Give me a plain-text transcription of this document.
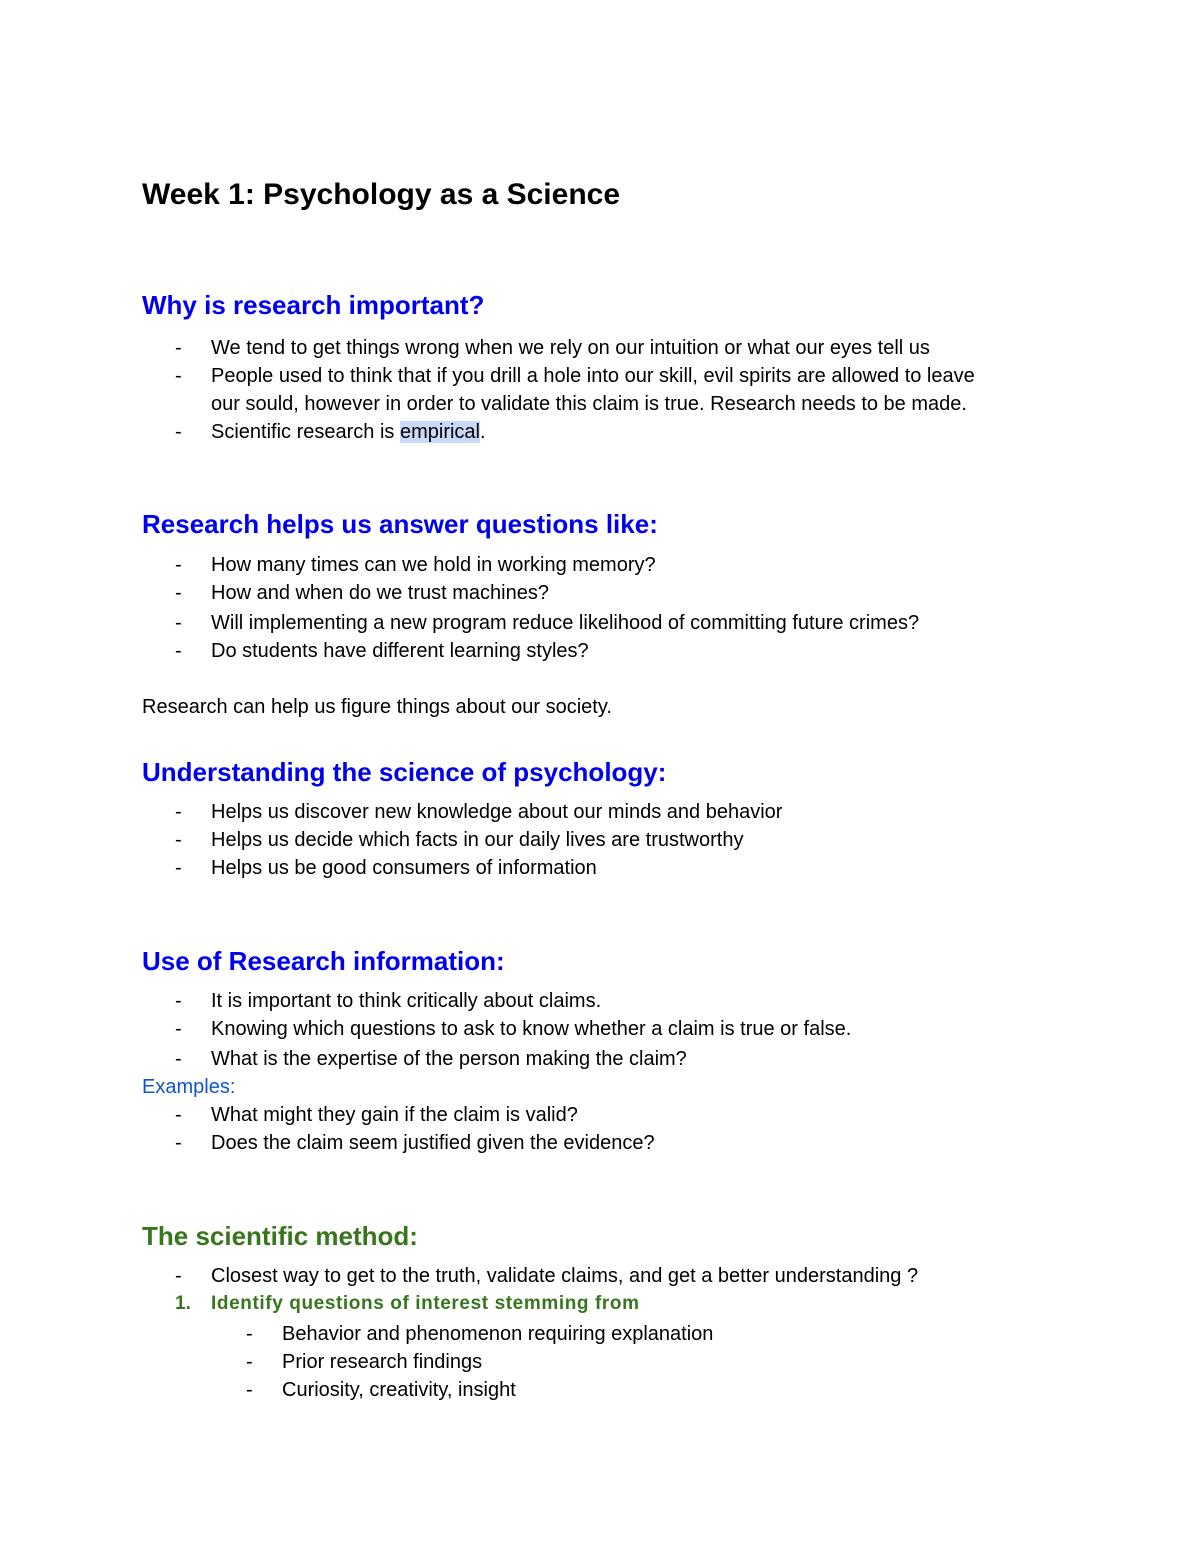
Week 1: Psychology as a Science
Why is research important?
- We tend to get things wrong when we rely on our intuition or what our eyes tell us
- People used to think that if you drill a hole into our skill, evil spirits are allowed to leave
our sould, however in order to validate this claim is true. Research needs to be made.
- Scientific research is empirical.
Research helps us answer questions like:
- How many times can we hold in working memory?
- How and when do we trust machines?
- Will implementing a new program reduce likelihood of committing future crimes?
- Do students have different learning styles?
Research can help us figure things about our society.
Understanding the science of psychology:
- Helps us discover new knowledge about our minds and behavior
- Helps us decide which facts in our daily lives are trustworthy
- Helps us be good consumers of information
Use of Research information:
- It is important to think critically about claims.
- Knowing which questions to ask to know whether a claim is true or false.
- What is the expertise of the person making the claim?
Examples:
- What might they gain if the claim is valid?
- Does the claim seem justified given the evidence?
The scientific method:
- Closest way to get to the truth, validate claims, and get a better understanding ?
1. Identify questions of interest stemming from
- Behavior and phenomenon requiring explanation
- Prior research findings
- Curiosity, creativity, insight
